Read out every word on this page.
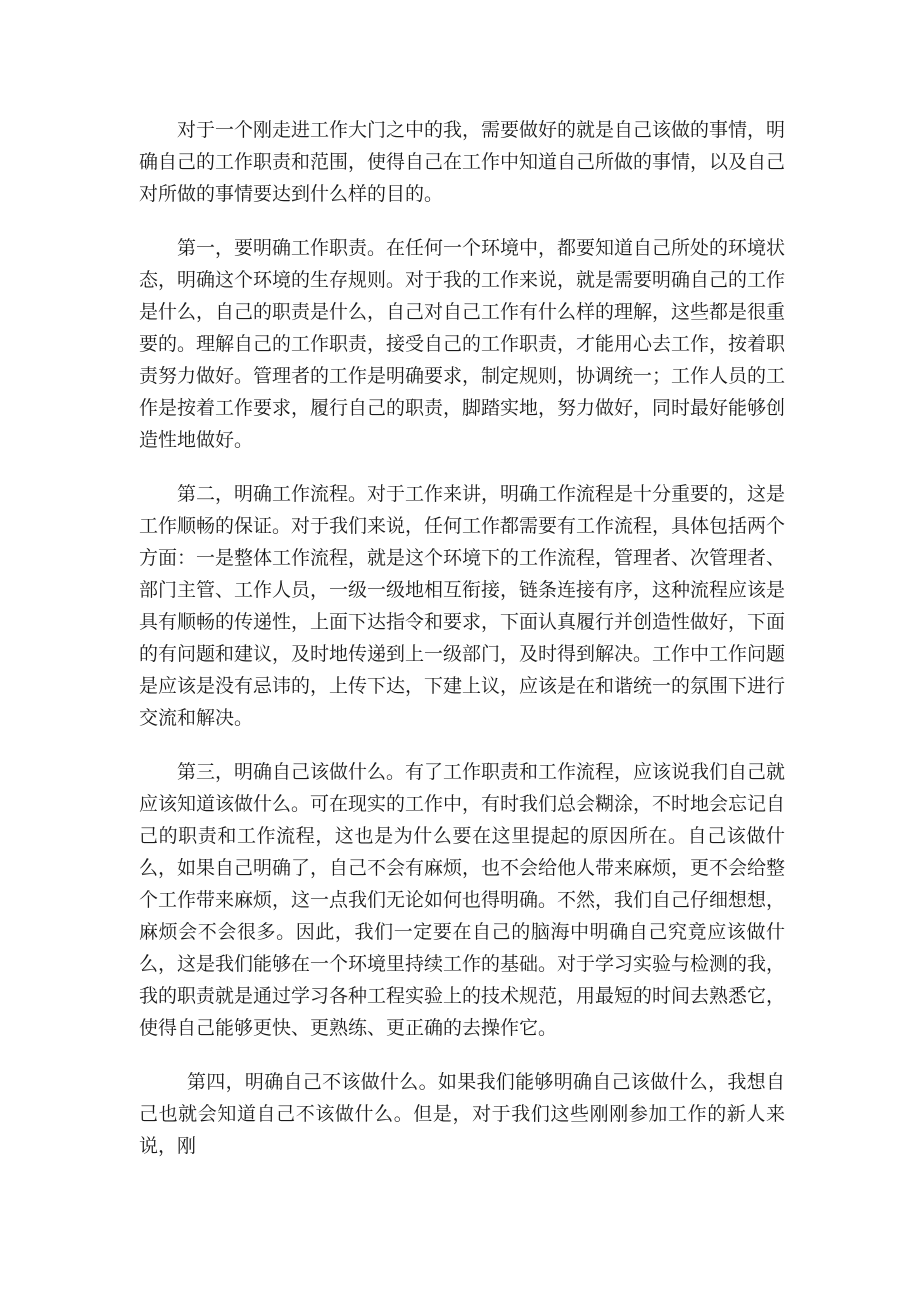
对于一个刚走进工作大门之中的我，需要做好的就是自己该做的事情，明确自己的工作职责和范围，使得自己在工作中知道自己所做的事情，以及自己对所做的事情要达到什么样的目的。

第一，要明确工作职责。在任何一个环境中，都要知道自己所处的环境状态，明确这个环境的生存规则。对于我的工作来说，就是需要明确自己的工作是什么，自己的职责是什么，自己对自己工作有什么样的理解，这些都是很重要的。理解自己的工作职责，接受自己的工作职责，才能用心去工作，按着职责努力做好。管理者的工作是明确要求，制定规则，协调统一；工作人员的工作是按着工作要求，履行自己的职责，脚踏实地，努力做好，同时最好能够创造性地做好。

第二，明确工作流程。对于工作来讲，明确工作流程是十分重要的，这是工作顺畅的保证。对于我们来说，任何工作都需要有工作流程，具体包括两个方面：一是整体工作流程，就是这个环境下的工作流程，管理者、次管理者、部门主管、工作人员，一级一级地相互衔接，链条连接有序，这种流程应该是具有顺畅的传递性，上面下达指令和要求，下面认真履行并创造性做好，下面的有问题和建议，及时地传递到上一级部门，及时得到解决。工作中工作问题是应该是没有忌讳的，上传下达，下建上议，应该是在和谐统一的氛围下进行交流和解决。

第三，明确自己该做什么。有了工作职责和工作流程，应该说我们自己就应该知道该做什么。可在现实的工作中，有时我们总会糊涂，不时地会忘记自己的职责和工作流程，这也是为什么要在这里提起的原因所在。自己该做什么，如果自己明确了，自己不会有麻烦，也不会给他人带来麻烦，更不会给整个工作带来麻烦，这一点我们无论如何也得明确。不然，我们自己仔细想想，麻烦会不会很多。因此，我们一定要在自己的脑海中明确自己究竟应该做什么，这是我们能够在一个环境里持续工作的基础。对于学习实验与检测的我，我的职责就是通过学习各种工程实验上的技术规范，用最短的时间去熟悉它，使得自己能够更快、更熟练、更正确的去操作它。

第四，明确自己不该做什么。如果我们能够明确自己该做什么，我想自己也就会知道自己不该做什么。但是，对于我们这些刚刚参加工作的新人来说，刚
